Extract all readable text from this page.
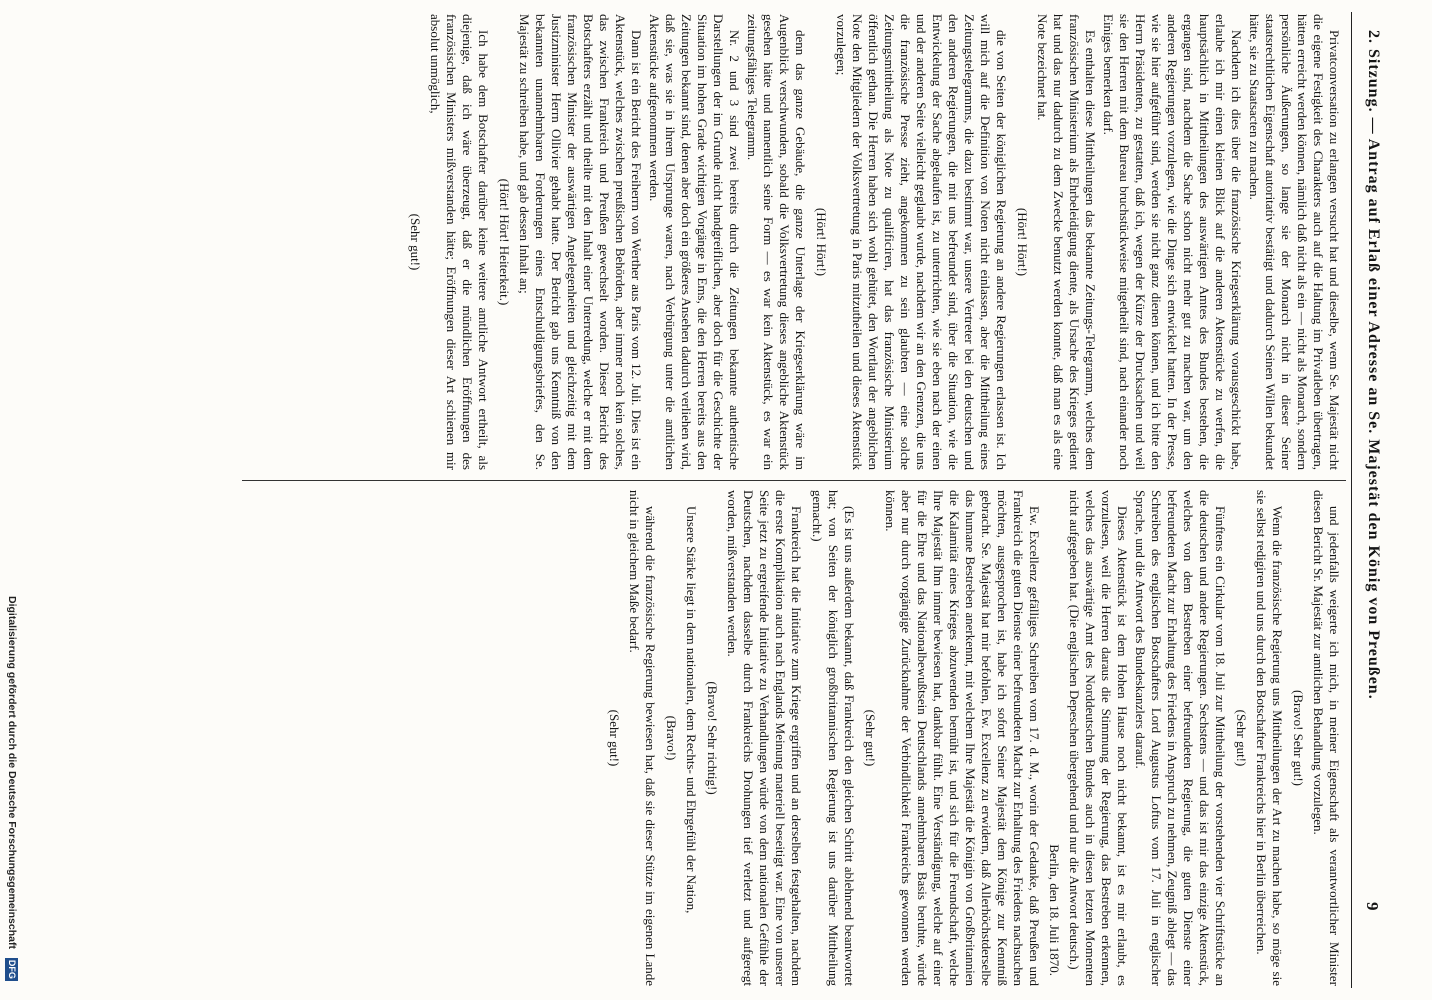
2. Sitzung. — Antrag auf Erlaß einer Adresse an Se. Majestät den König von Preußen.
9

Privatconversation zu erlangen versucht hat und dieselbe, wenn Se. Majestät nicht die eigene Festigkeit des Charakters auch auf die Haltung im Privatleben übertragen, hätten erreicht werden können, nämlich daß nicht als ein — nicht als Monarch, sondern persönliche Äußerungen, so lange sie der Monarch nicht in dieser Seiner staatsrechtlichen Eigenschaft autoritativ bestätigt und dadurch Seinen Willen bekundet hätte, sie zu Staatsacten zu machen.

Nachdem ich dies über die französische Kriegserklärung vorausgeschickt habe, erlaube ich mir einen kleinen Blick auf die anderen Aktenstücke zu werfen, die hauptsächlich in Mittheilungen des auswärtigen Amtes des Bundes bestehen, die ergangen sind, nachdem die Sache schon nicht mehr gut zu machen war, um den anderen Regierungen vorzulegen, wie die Dinge sich entwickelt hatten. In der Presse, wie sie hier aufgeführt sind, werden sie nicht ganz dienen können, und ich bitte den Herrn Präsidenten, zu gestatten, daß ich, wegen der Kürze der Drucksachen und weil sie den Herren mit dem Bureau bruchstückweise mitgetheilt sind, nach einander noch Einiges bemerken darf.

Es enthalten diese Mittheilungen das bekannte Zeitungs-Telegramm, welches dem französischen Ministerium als Ehrbeleidigung diente, als Ursache des Krieges gedient hat und das nur dadurch zu dem Zwecke benutzt werden konnte, daß man es als eine Note bezeichnet hat.

(Hört! Hört!)

die von Seiten der königlichen Regierung an andere Regierungen erlassen ist. Ich will mich auf die Definition von Noten nicht einlassen, aber die Mittheilung eines Zeitungstelegramms, die dazu bestimmt war, unsere Vertreter bei den deutschen und den anderen Regierungen, die mit uns befreundet sind, über die Situation, wie die Entwickelung der Sache abgelaufen ist, zu unterrichten, wie sie eben nach der einen und der anderen Seite vielleicht geglaubt wurde, nachdem wir an den Grenzen, die uns die französische Presse zieht, angekommen zu sein glaubten — eine solche Zeitungsmittheilung als Note zu qualificiren, hat das französische Ministerium öffentlich gethan. Die Herren haben sich wohl gehütet, den Wortlaut der angeblichen Note den Mitgliedern der Volksvertretung in Paris mitzutheilen und dieses Aktenstück vorzulegen;

(Hört! Hört!)

denn das ganze Gebäude, die ganze Unterlage der Kriegserklärung wäre im Augenblick verschwunden, sobald die Volksvertretung dieses angebliche Aktenstück gesehen hätte und namentlich seine Form — es war kein Aktenstück, es war ein zeitungsfähiges Telegramm.

Nr. 2 und 3 sind zwei bereits durch die Zeitungen bekannte authentische Darstellungen der im Grunde nicht handgreiflichen, aber doch für die Geschichte der Situation im hohen Grade wichtigen Vorgänge in Ems, die den Herren bereits aus den Zeitungen bekannt sind, denen aber doch ein größeres Ansehen dadurch verliehen wird, daß sie, was sie in ihrem Ursprunge waren, nach Verbürgung unter die amtlichen Aktenstücke aufgenommen werden.

Dann ist ein Bericht des Freiherrn von Werther aus Paris vom 12. Juli. Dies ist ein Aktenstück, welches zwischen preußischen Behörden, aber immer noch kein solches, das zwischen Frankreich und Preußen gewechselt worden. Dieser Bericht des Botschafters erzählt und theilte mit den Inhalt einer Unterredung, welche er mit dem französischen Minister der auswärtigen Angelegenheiten und gleichzeitig mit dem Justizminister Herrn Ollivier gehabt hatte. Der Bericht gab uns Kenntniß von den bekannten unannehmbaren Forderungen eines Entschuldigungsbriefes, den Se. Majestät zu schreiben habe, und gab dessen Inhalt an;

(Hört! Hört! Heiterkeit.)

Ich habe dem Botschafter darüber keine weitere amtliche Antwort ertheilt, als diejenige, daß ich wäre überzeugt, daß er die mündlichen Eröffnungen des französischen Ministers mißverstanden hätte; Eröffnungen dieser Art schienen mir absolut unmöglich,

(Sehr gut!)

und jedenfalls weigerte ich mich, in meiner Eigenschaft als verantwortlicher Minister diesen Bericht Sr. Majestät zur amtlichen Behandlung vorzulegen.

(Bravo! Sehr gut!)

Wenn die französische Regierung uns Mittheilungen der Art zu machen habe, so möge sie sie selbst redigiren und uns durch den Botschafter Frankreichs hier in Berlin überreichen.

(Sehr gut!)

Fünftens ein Cirkular vom 18. Juli zur Mittheilung der vorstehenden vier Schriftstücke an die deutschen und andere Regierungen. Sechstens — und das ist mir das einzige Aktenstück, welches von dem Bestreben einer befreundeten Regierung, die guten Dienste einer befreundeten Macht zur Erhaltung des Friedens in Anspruch zu nehmen, Zeugniß ablegt — das Schreiben des englischen Botschafters Lord Augustus Loftus vom 17. Juli in englischer Sprache, und die Antwort des Bundeskanzlers darauf.

Dieses Aktenstück ist dem Hohen Hause noch nicht bekannt, ist es mir erlaubt, es vorzulesen, weil die Herren daraus die Stimmung der Regierung, das Bestreben erkennen, welches das auswärtige Amt des Norddeutschen Bundes auch in diesen letzten Momenten nicht aufgegeben hat. (Die englischen Depeschen übergehend und nur die Antwort deutsch.)

Berlin, den 18. Juli 1870.

Ew. Excellenz gefälliges Schreiben vom 17. d. M., worin der Gedanke, daß Preußen und Frankreich die guten Dienste einer befreundeten Macht zur Erhaltung des Friedens nachsuchen möchten, ausgesprochen ist, habe ich sofort Seiner Majestät dem Könige zur Kenntniß gebracht. Se. Majestät hat mir befohlen, Ew. Excellenz zu erwidern, daß Allerhöchstderselbe das humane Bestreben anerkennt, mit welchem Ihre Majestät die Königin von Großbritannien die Kalamität eines Krieges abzuwenden bemüht ist, und sich für die Freundschaft, welche Ihre Majestät Ihm immer bewiesen hat, dankbar fühlt. Eine Verständigung, welche auf einer für die Ehre und das Nationalbewußtsein Deutschlands annehmbaren Basis beruhte, würde aber nur durch vorgängige Zurücknahme der Verbindlichkeit Frankreichs gewonnen werden können.

(Sehr gut!)

(Es ist uns außerdem bekannt, daß Frankreich den gleichen Schritt ablehnend beantwortet hat; von Seiten der königlich großbritannischen Regierung ist uns darüber Mittheilung gemacht.)

Frankreich hat die Initiative zum Kriege ergriffen und an derselben festgehalten, nachdem die erste Komplikation auch nach Englands Meinung materiell beseitigt war. Eine von unserer Seite jetzt zu ergreifende Initiative zu Verhandlungen würde von dem nationalen Gefühle der Deutschen, nachdem dasselbe durch Frankreichs Drohungen tief verletzt und aufgeregt worden, mißverstanden werden.

(Bravo! Sehr richtig!)

Unsere Stärke liegt in dem nationalen, dem Rechts- und Ehrgefühl der Nation,

(Bravo!)

während die französische Regierung bewiesen hat, daß sie dieser Stütze im eigenen Lande nicht in gleichem Maße bedarf.

(Sehr gut!)

Digitalisierung gefördert durch die Deutsche Forschungsgemeinschaft DFG
